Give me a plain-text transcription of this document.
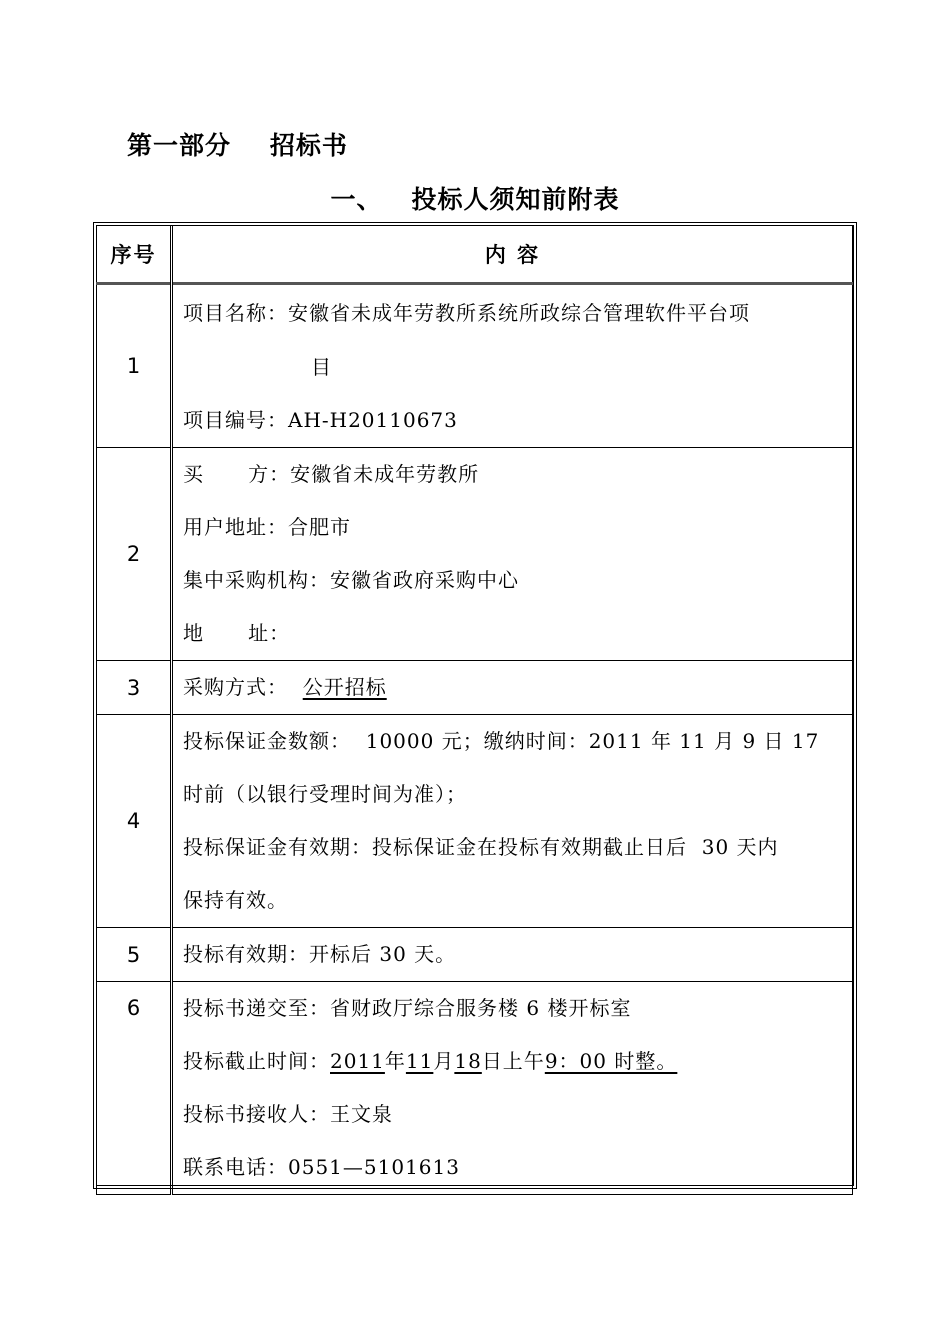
第一部分    招标书
一、   投标人须知前附表
序号	内 容
1	项目名称：安徽省未成年劳教所系统所政综合管理软件平台项
目
项目编号：AH-H20110673

2	买      方：安徽省未成年劳教所
用户地址：合肥市
集中采购机构：安徽省政府采购中心
地      址：

3	采购方式： 公开招标

4	投标保证金数额：  10000 元；缴纳时间：2011 年 11 月 9 日 17
时前（以银行受理时间为准）；
投标保证金有效期：投标保证金在投标有效期截止日后  30 天内
保持有效。

5	投标有效期：开标后 30 天。

6	投标书递交至：省财政厅综合服务楼 6 楼开标室
投标截止时间：2011年11月18日上午9：00 时整。
投标书接收人：王文泉
联系电话：0551—5101613
